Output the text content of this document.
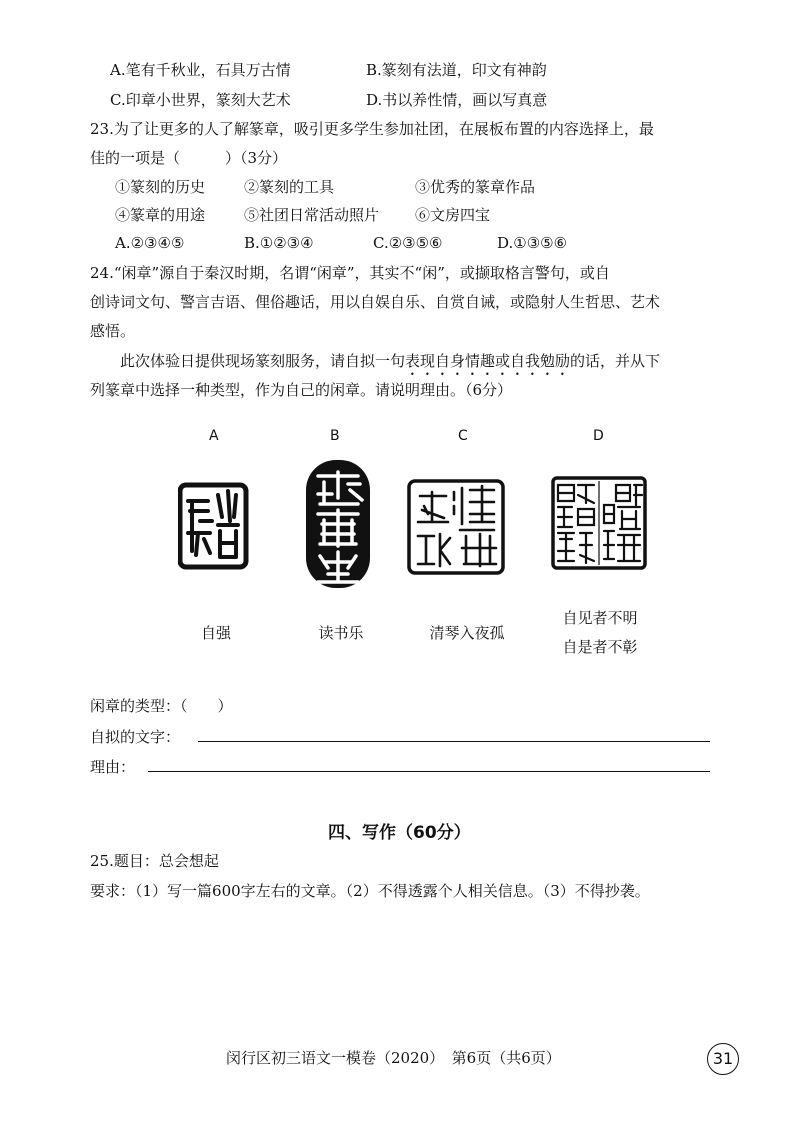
A.笔有千秋业，石具万古情	B.篆刻有法道，印文有神韵
C.印章小世界，篆刻大艺术	D.书以养性情，画以写真意
23.为了让更多的人了解篆章，吸引更多学生参加社团，在展板布置的内容选择上，最
佳的一项是（　　　）（3分）
①篆刻的历史	②篆刻的工具	③优秀的篆章作品
④篆章的用途	⑤社团日常活动照片 ⑥文房四宝
A.②③④⑤	B.①②③④	C.②③⑤⑥	D.①③⑤⑥
24.“闲章”源自于秦汉时期，名谓“闲章”，其实不“闲”，或撷取格言警句，或自
创诗词文句、警言吉语、俚俗趣话，用以自娱自乐、自赏自诫，或隐射人生哲思、艺术
感悟。
此次体验日提供现场篆刻服务，请自拟一句表现自身情趣或自我勉励的话，并从下
列篆章中选择一种类型，作为自己的闲章。请说明理由。（6分）
A	B	C	D
自强	读书乐	清琴入夜孤
自见者不明
自是者不彰
闲章的类型：（　　）
自拟的文字：
理由：
四、写作（60分）
25.题目：总会想起
要求：（1）写一篇600字左右的文章。（2）不得透露个人相关信息。（3）不得抄袭。
闵行区初三语文一模卷（2020）　第6页（共6页）	31
